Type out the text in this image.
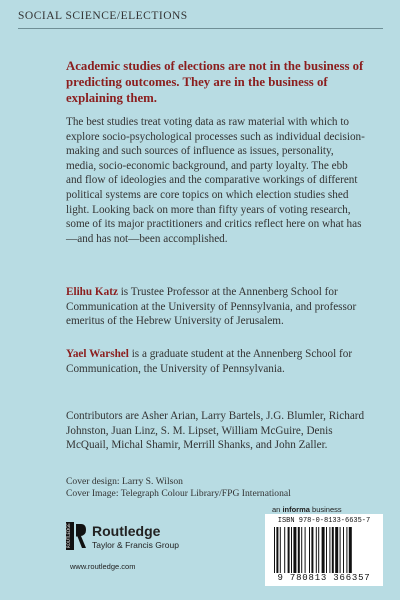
SOCIAL SCIENCE/ELECTIONS
Academic studies of elections are not in the business of predicting outcomes. They are in the business of explaining them.
The best studies treat voting data as raw material with which to explore socio-psychological processes such as individual decision-making and such sources of influence as issues, personality, media, socio-economic background, and party loyalty. The ebb and flow of ideologies and the comparative workings of different political systems are core topics on which election studies shed light. Looking back on more than fifty years of voting research, some of its major practitioners and critics reflect here on what has—and has not—been accomplished.
Elihu Katz is Trustee Professor at the Annenberg School for Communication at the University of Pennsylvania, and professor emeritus of the Hebrew University of Jerusalem.
Yael Warshel is a graduate student at the Annenberg School for Communication, the University of Pennsylvania.
Contributors are Asher Arian, Larry Bartels, J.G. Blumler, Richard Johnston, Juan Linz, S. M. Lipset, William McGuire, Denis McQuail, Michal Shamir, Merrill Shanks, and John Zaller.
Cover design: Larry S. Wilson
Cover Image: Telegraph Colour Library/FPG International
ROUTLEDGE Routledge
Taylor & Francis Group
www.routledge.com
an informa business
ISBN 978-0-8133-6635-7
9 780813 366357
